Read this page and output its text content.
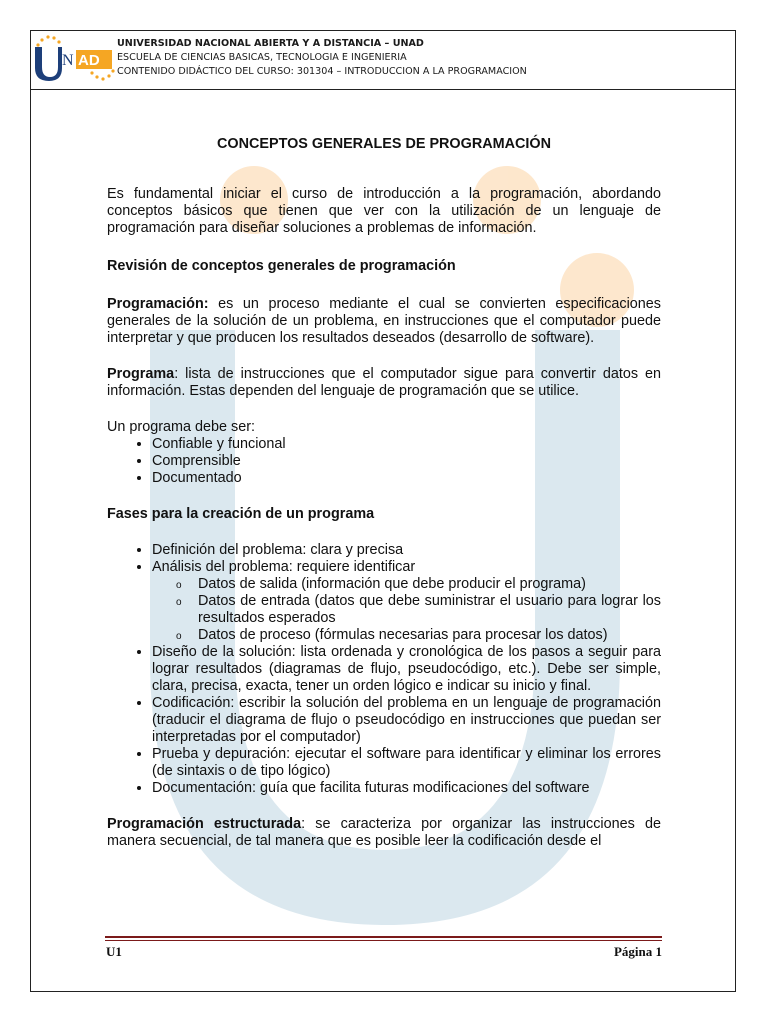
N AD
UNIVERSIDAD NACIONAL ABIERTA Y A DISTANCIA – UNAD
ESCUELA DE CIENCIAS BASICAS, TECNOLOGIA E INGENIERIA
CONTENIDO DIDÁCTICO DEL CURSO: 301304 – INTRODUCCION A LA PROGRAMACION

CONCEPTOS GENERALES DE PROGRAMACIÓN

Es fundamental iniciar el curso de introducción a la programación, abordando conceptos básicos que tienen que ver con la utilización de un lenguaje de programación para diseñar soluciones a problemas de información.

Revisión de conceptos generales de programación

Programación: es un proceso mediante el cual se convierten especificaciones generales de la solución de un problema, en instrucciones que el computador puede interpretar y que producen los resultados deseados (desarrollo de software).

Programa: lista de instrucciones que el computador sigue para convertir datos en información. Estas dependen del lenguaje de programación que se utilice.

Un programa debe ser:

• Confiable y funcional
• Comprensible
• Documentado

Fases para la creación de un programa

• Definición del problema: clara y precisa
• Análisis del problema: requiere identificar
o Datos de salida (información que debe producir el programa)
o Datos de entrada (datos que debe suministrar el usuario para lograr los resultados esperados
o Datos de proceso (fórmulas necesarias para procesar los datos)
• Diseño de la solución: lista ordenada y cronológica de los pasos a seguir para lograr resultados (diagramas de flujo, pseudocódigo, etc.). Debe ser simple, clara, precisa, exacta, tener un orden lógico e indicar su inicio y final.
• Codificación: escribir la solución del problema en un lenguaje de programación (traducir el diagrama de flujo o pseudocódigo en instrucciones que puedan ser interpretadas por el computador)
• Prueba y depuración: ejecutar el software para identificar y eliminar los errores (de sintaxis o de tipo lógico)
• Documentación: guía que facilita futuras modificaciones del software

Programación estructurada: se caracteriza por organizar las instrucciones de manera secuencial, de tal manera que es posible leer la codificación desde el

U1	Página 1
